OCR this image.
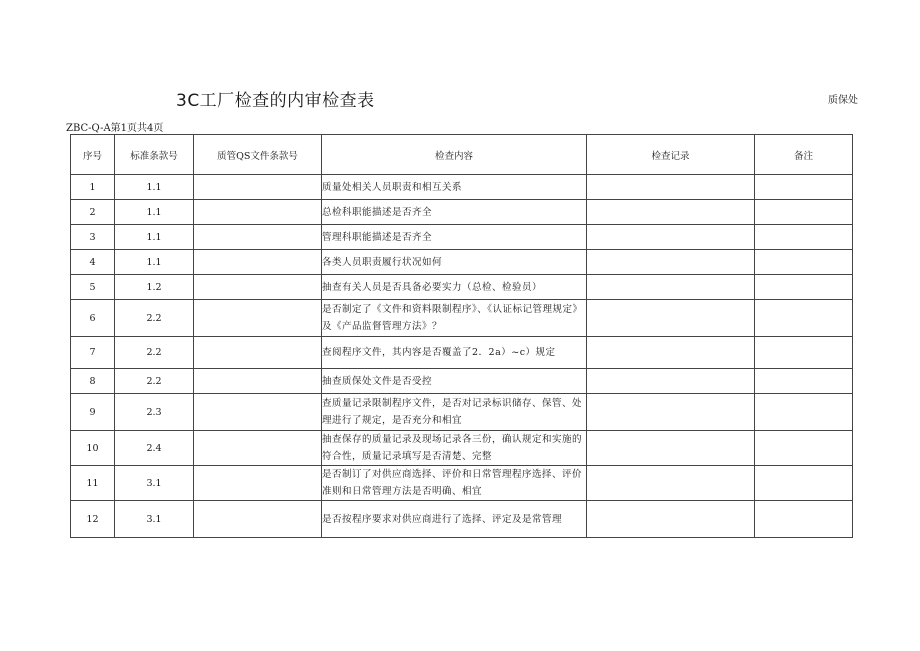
3C工厂检查的内审检查表	质保处
ZBC-Q-A第1页共4页
序号	标准条款号	质管QS文件条款号	检查内容	检查记录	备注
1	1.1		质量处相关人员职责和相互关系		
2	1.1		总检科职能描述是否齐全		
3	1.1		管理科职能描述是否齐全		
4	1.1		各类人员职责履行状况如何		
5	1.2		抽查有关人员是否具备必要实力（总检、检验员）		
6	2.2		是否制定了《文件和资料限制程序》、《认证标记管理规定》及《产品监督管理方法》？		
7	2.2		查阅程序文件，其内容是否覆盖了2．2a）~c）规定		
8	2.2		抽查质保处文件是否受控		
9	2.3		查质量记录限制程序文件，是否对记录标识储存、保管、处理进行了规定，是否充分和相宜		
10	2.4		抽查保存的质量记录及现场记录各三份，确认规定和实施的符合性，质量记录填写是否清楚、完整		
11	3.1		是否制订了对供应商选择、评价和日常管理程序选择、评价准则和日常管理方法是否明确、相宜		
12	3.1		是否按程序要求对供应商进行了选择、评定及是常管理		
